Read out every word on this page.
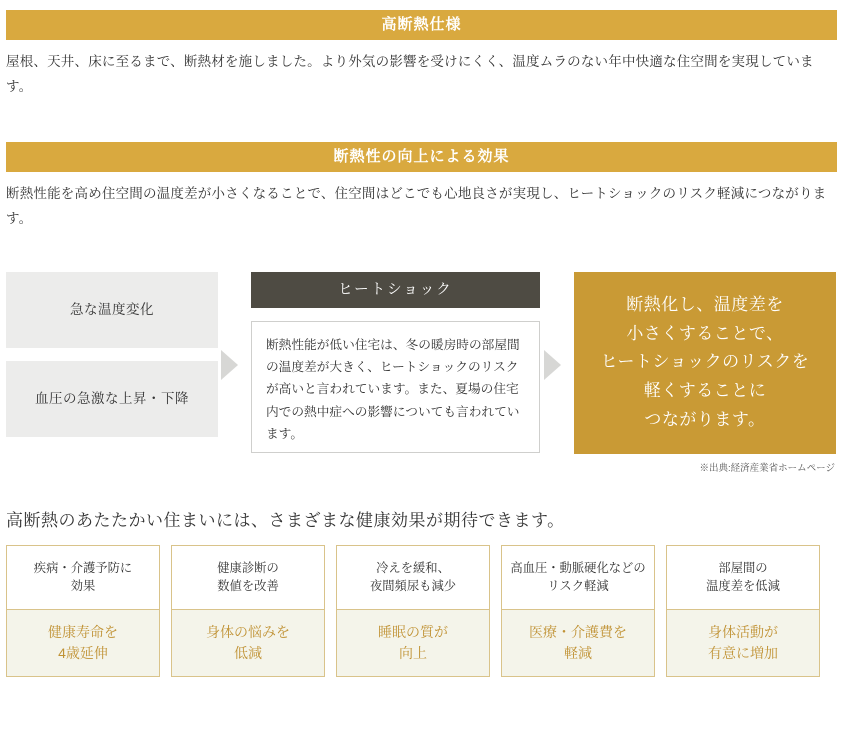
高断熱仕様
屋根、天井、床に至るまで、断熱材を施しました。より外気の影響を受けにくく、温度ムラのない年中快適な住空間を実現しています。
断熱性の向上による効果
断熱性能を高め住空間の温度差が小さくなることで、住空間はどこでも心地良さが実現し、ヒートショックのリスク軽減につながります。
急な温度変化
血圧の急激な上昇・下降
ヒートショック
断熱性能が低い住宅は、冬の暖房時の部屋間の温度差が大きく、ヒートショックのリスクが高いと言われています。また、夏場の住宅内での熱中症への影響についても言われています。
断熱化し、温度差を
小さくすることで、
ヒートショックのリスクを
軽くすることに
つながります。
※出典:経済産業省ホームページ
高断熱のあたたかい住まいには、さまざまな健康効果が期待できます。
疾病・介護予防に
効果
健康寿命を
4歳延伸
健康診断の
数値を改善
身体の悩みを
低減
冷えを緩和、
夜間頻尿も減少
睡眠の質が
向上
高血圧・動脈硬化などの
リスク軽減
医療・介護費を
軽減
部屋間の
温度差を低減
身体活動が
有意に増加
